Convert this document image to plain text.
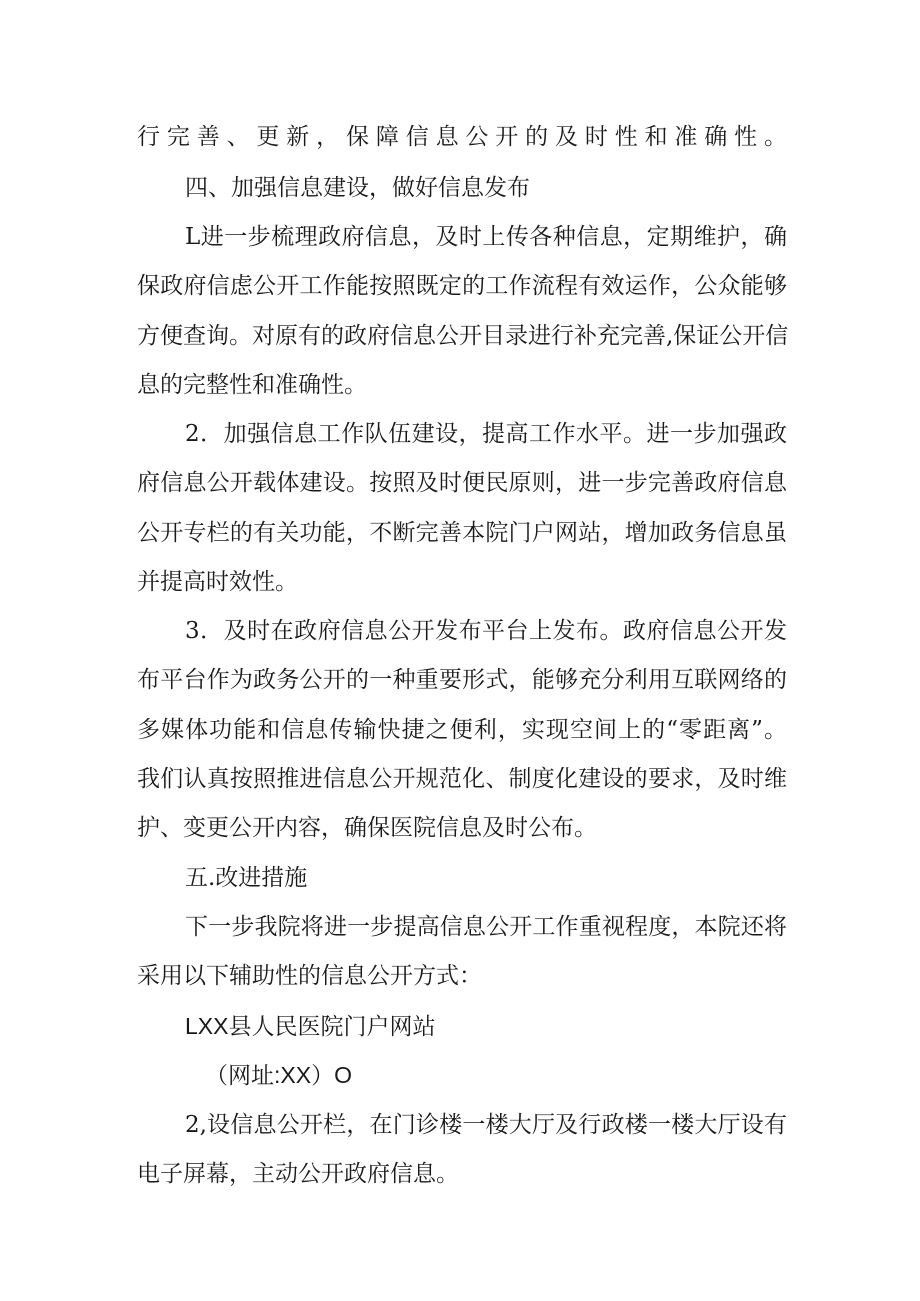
行完善、更新，保障信息公开的及时性和准确性。
四、加强信息建设，做好信息发布
L进一步梳理政府信息，及时上传各种信息，定期维护，确
保政府信虑公开工作能按照既定的工作流程有效运作，公众能够
方便查询。对原有的政府信息公开目录进行补充完善,保证公开信
息的完整性和准确性。
2．加强信息工作队伍建设，提高工作水平。进一步加强政
府信息公开载体建设。按照及时便民原则，进一步完善政府信息
公开专栏的有关功能，不断完善本院门户网站，增加政务信息虽
并提高时效性。
3．及时在政府信息公开发布平台上发布。政府信息公开发
布平台作为政务公开的一种重要形式，能够充分利用互联网络的
多媒体功能和信息传输快捷之便利，实现空间上的“零距离”。
我们认真按照推进信息公开规范化、制度化建设的要求，及时维
护、变更公开内容，确保医院信息及时公布。
五.改进措施
下一步我院将进一步提高信息公开工作重视程度，本院还将
采用以下辅助性的信息公开方式：
LXX县人民医院门户网站
（网址:XX）O
2,设信息公开栏，在门诊楼一楼大厅及行政楼一楼大厅设有
电子屏幕，主动公开政府信息。
